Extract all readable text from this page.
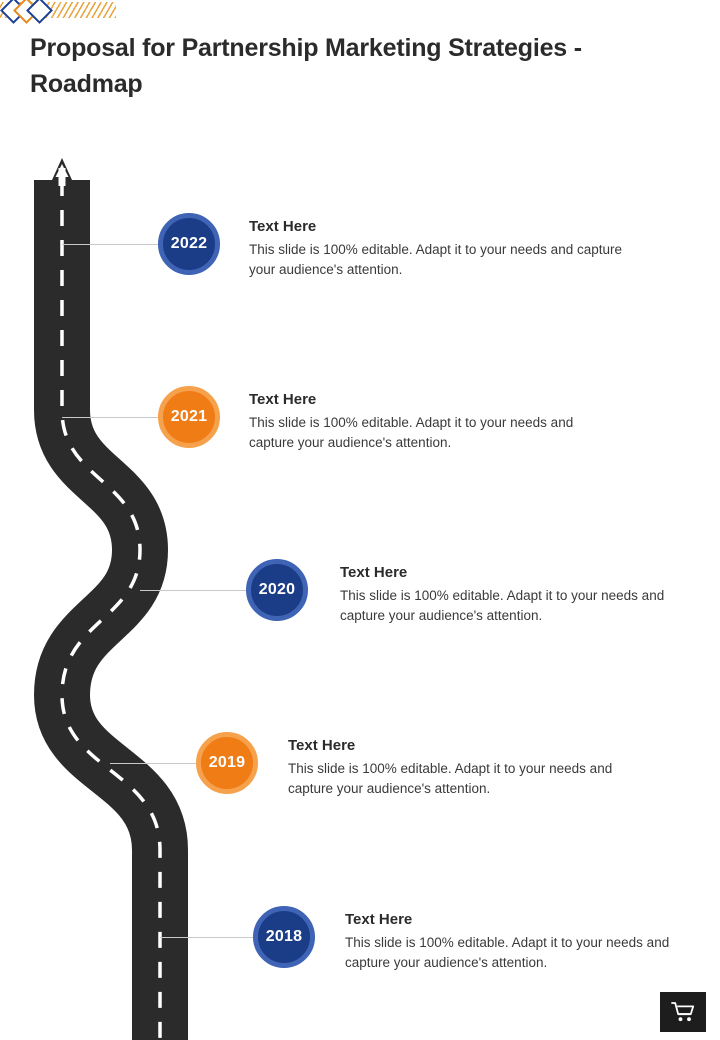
Proposal for Partnership Marketing Strategies - Roadmap
2022
Text Here
This slide is 100% editable. Adapt it to your needs and capture your audience's attention.
2021
Text Here
This slide is 100% editable. Adapt it to your needs and capture your audience's attention.
2020
Text Here
This slide is 100% editable. Adapt it to your needs and capture your audience's attention.
2019
Text Here
This slide is 100% editable. Adapt it to your needs and capture your audience's attention.
2018
Text Here
This slide is 100% editable. Adapt it to your needs and capture your audience's attention.
